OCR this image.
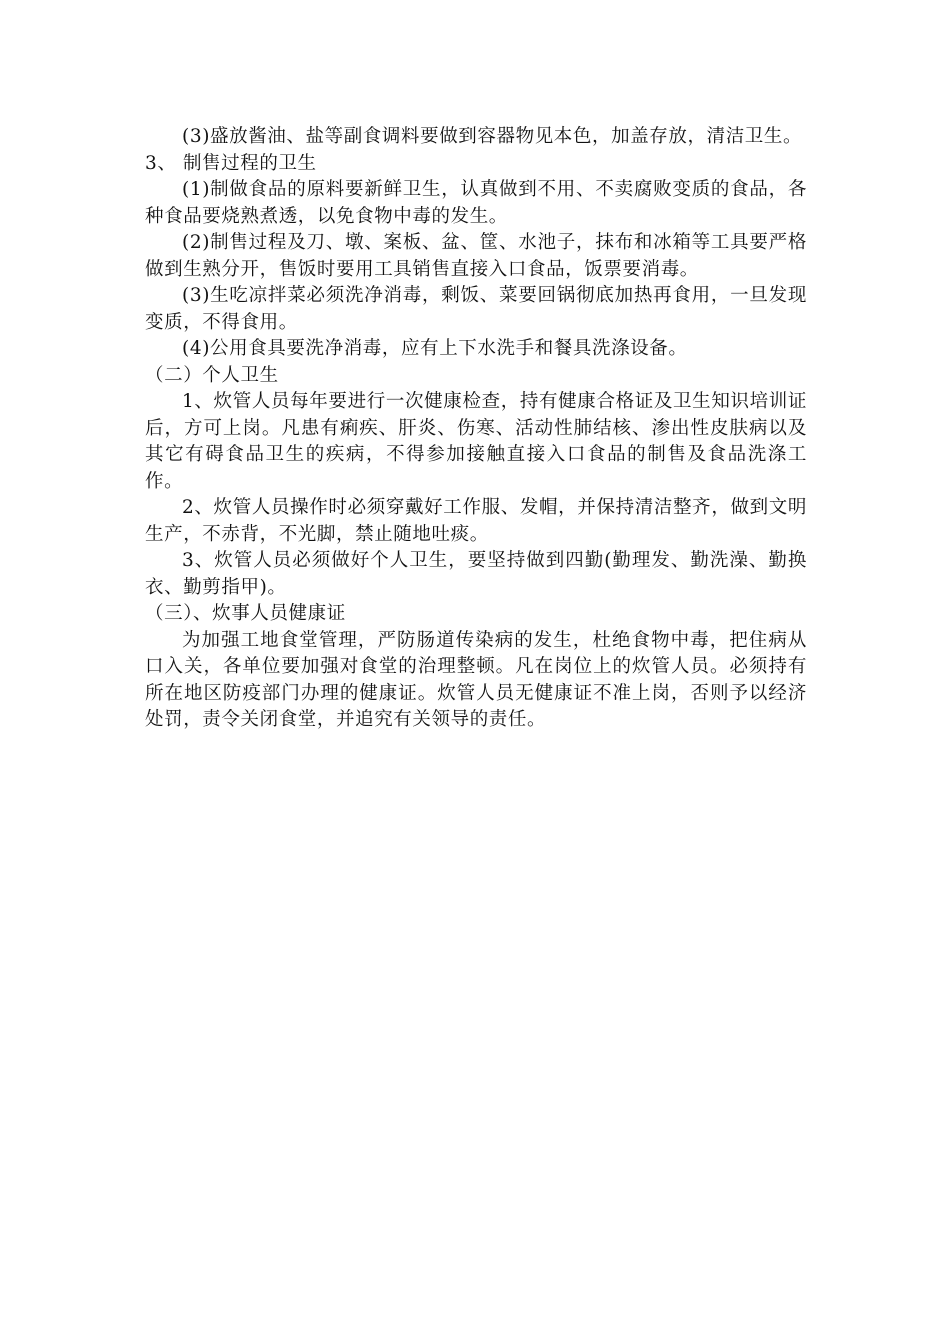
(3)盛放酱油、盐等副食调料要做到容器物见本色，加盖存放，清洁卫生。

3、 制售过程的卫生

(1)制做食品的原料要新鲜卫生，认真做到不用、不卖腐败变质的食品，各种食品要烧熟煮透，以免食物中毒的发生。

(2)制售过程及刀、墩、案板、盆、筐、水池子，抹布和冰箱等工具要严格做到生熟分开，售饭时要用工具销售直接入口食品，饭票要消毒。

(3)生吃凉拌菜必须洗净消毒，剩饭、菜要回锅彻底加热再食用，一旦发现变质，不得食用。

(4)公用食具要洗净消毒，应有上下水洗手和餐具洗涤设备。

（二）个人卫生

1、炊管人员每年要进行一次健康检查，持有健康合格证及卫生知识培训证后，方可上岗。凡患有痢疾、肝炎、伤寒、活动性肺结核、渗出性皮肤病以及其它有碍食品卫生的疾病，不得参加接触直接入口食品的制售及食品洗涤工作。

2、炊管人员操作时必须穿戴好工作服、发帽，并保持清洁整齐，做到文明生产，不赤背，不光脚，禁止随地吐痰。

3、炊管人员必须做好个人卫生，要坚持做到四勤(勤理发、勤洗澡、勤换衣、勤剪指甲)。

（三）、炊事人员健康证

为加强工地食堂管理，严防肠道传染病的发生，杜绝食物中毒，把住病从口入关，各单位要加强对食堂的治理整顿。凡在岗位上的炊管人员。必须持有所在地区防疫部门办理的健康证。炊管人员无健康证不准上岗，否则予以经济处罚，责令关闭食堂，并追究有关领导的责任。
